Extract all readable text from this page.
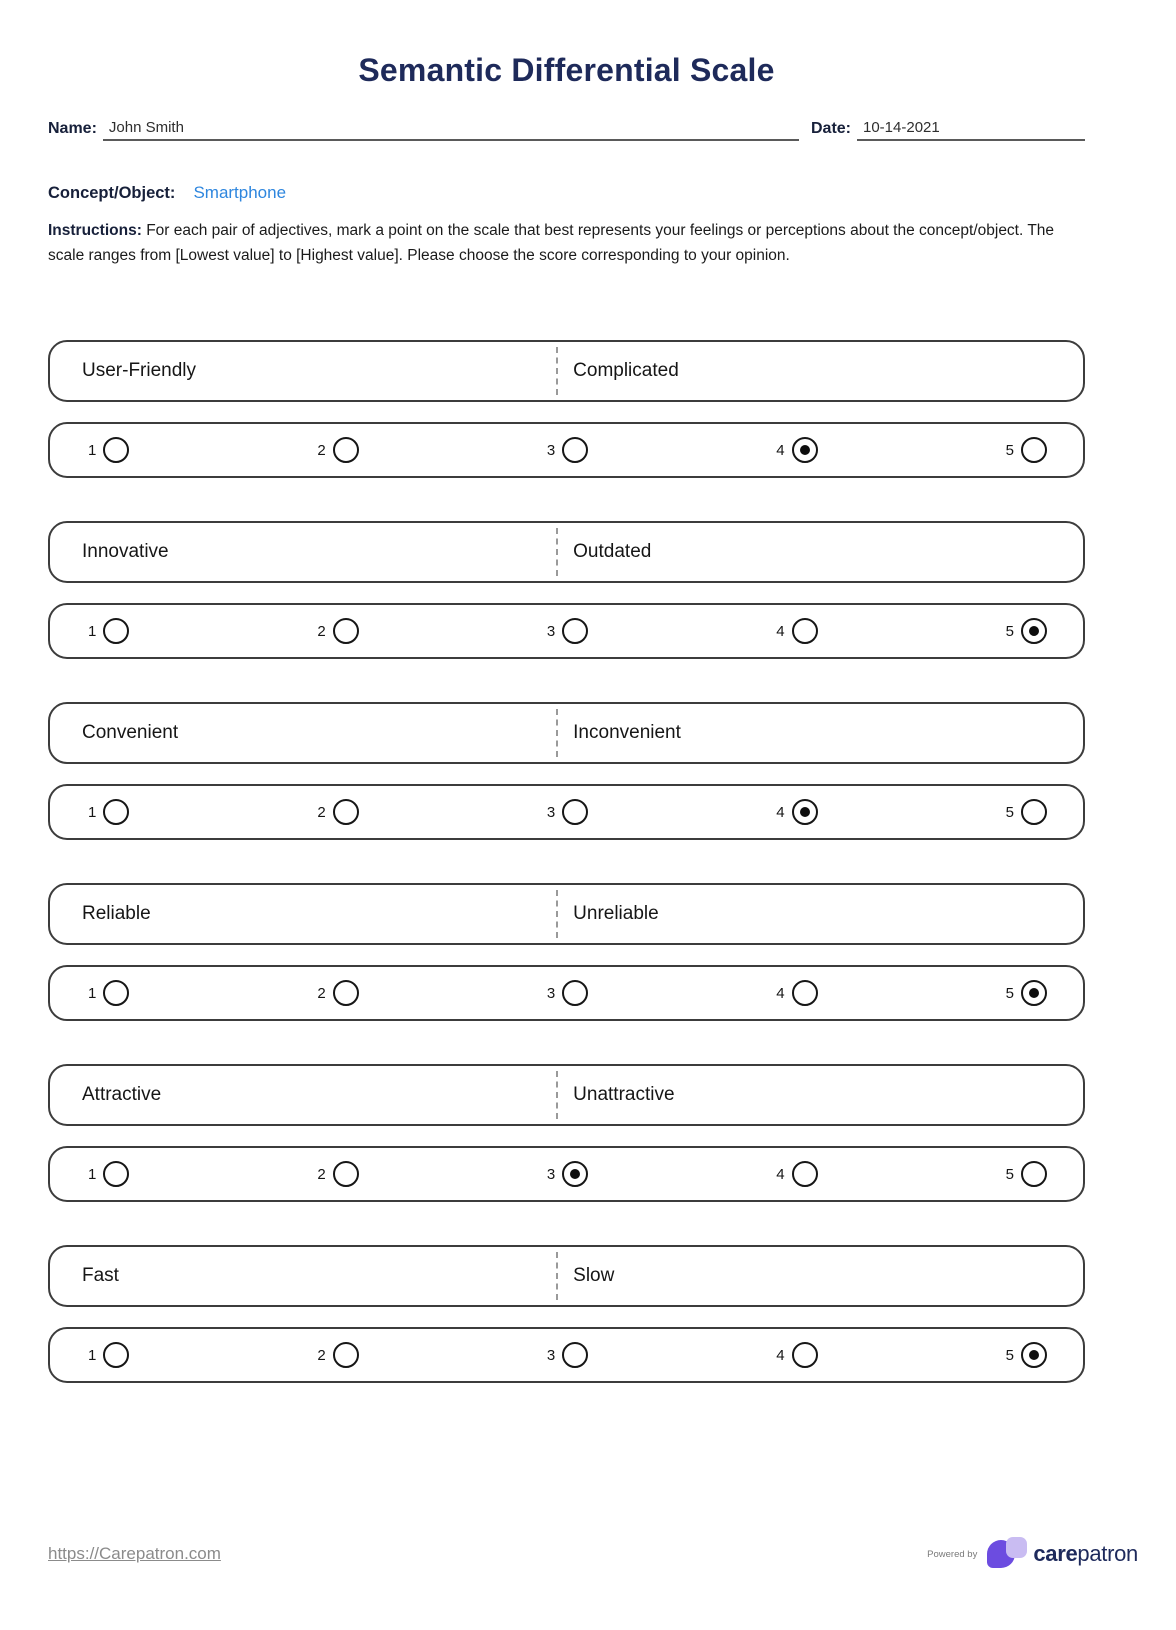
Semantic Differential Scale
Name: John Smith	Date: 10-14-2021
Concept/Object: Smartphone

Instructions: For each pair of adjectives, mark a point on the scale that best represents your feelings or perceptions about the concept/object. The scale ranges from [Lowest value] to [Highest value]. Please choose the score corresponding to your opinion.

User-Friendly	Complicated
1	2	3	4	5
Innovative	Outdated
1	2	3	4	5
Convenient	Inconvenient
1	2	3	4	5
Reliable	Unreliable
1	2	3	4	5
Attractive	Unattractive
1	2	3	4	5
Fast	Slow
1	2	3	4	5
https://Carepatron.com	Powered by	carepatron
